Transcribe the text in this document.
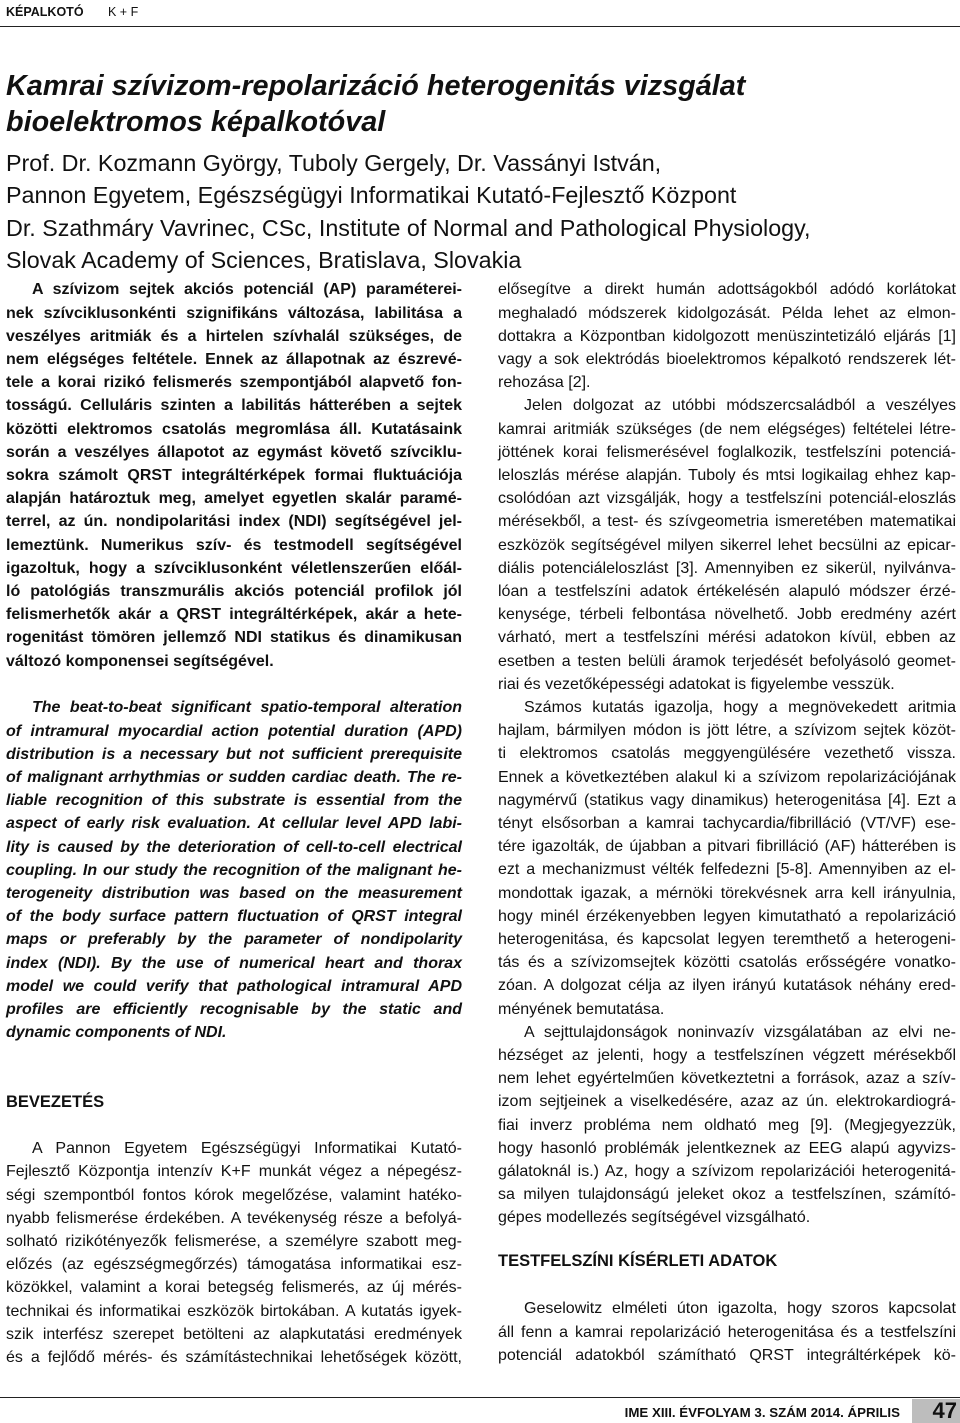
KÉPALKOTÓ K + F
Kamrai szívizom-repolarizáció heterogenitás vizsgálat
bioelektromos képalkotóval
Prof. Dr. Kozmann György, Tuboly Gergely, Dr. Vassányi István,
Pannon Egyetem, Egészségügyi Informatikai Kutató-Fejlesztő Központ
Dr. Szathmáry Vavrinec, CSc, Institute of Normal and Pathological Physiology,
Slovak Academy of Sciences, Bratislava, Slovakia
A szívizom sejtek akciós potenciál (AP) paraméterei-
nek szívciklusonkénti szignifikáns változása, labilitása a
veszélyes aritmiák és a hirtelen szívhalál szükséges, de
nem elégséges feltétele. Ennek az állapotnak az észrevé-
tele a korai rizikó felismerés szempontjából alapvető fon-
tosságú. Celluláris szinten a labilitás hátterében a sejtek
közötti elektromos csatolás megromlása áll. Kutatásaink
során a veszélyes állapotot az egymást követő szívciklu-
sokra számolt QRST integráltérképek formai fluktuációja
alapján határoztuk meg, amelyet egyetlen skalár paramé-
terrel, az ún. nondipolaritási index (NDI) segítségével jel-
lemeztünk. Numerikus szív- és testmodell segítségével
igazoltuk, hogy a szívciklusonként véletlenszerűen előál-
ló patológiás transzmurális akciós potenciál profilok jól
felismerhetők akár a QRST integráltérképek, akár a hete-
rogenitást tömören jellemző NDI statikus és dinamikusan
változó komponensei segítségével.
The beat-to-beat significant spatio-temporal alteration
of intramural myocardial action potential duration (APD)
distribution is a necessary but not sufficient prerequisite
of malignant arrhythmias or sudden cardiac death. The re-
liable recognition of this substrate is essential from the
aspect of early risk evaluation. At cellular level APD labi-
lity is caused by the deterioration of cell-to-cell electrical
coupling. In our study the recognition of the malignant he-
terogeneity distribution was based on the measurement
of the body surface pattern fluctuation of QRST integral
maps or preferably by the parameter of nondipolarity
index (NDI). By the use of numerical heart and thorax
model we could verify that pathological intramural APD
profiles are efficiently recognisable by the static and
dynamic components of NDI.
BEVEZETÉS
A Pannon Egyetem Egészségügyi Informatikai Kutató-
Fejlesztő Központja intenzív K+F munkát végez a népegész-
ségi szempontból fontos kórok megelőzése, valamint hatéko-
nyabb felismerése érdekében. A tevékenység része a befolyá-
solható rizikótényezők felismerése, a személyre szabott meg-
előzés (az egészségmegőrzés) támogatása informatikai esz-
közökkel, valamint a korai betegség felismerés, az új mérés-
technikai és informatikai eszközök birtokában. A kutatás igyek-
szik interfész szerepet betölteni az alapkutatási eredmények
és a fejlődő mérés- és számítástechnikai lehetőségek között,
elősegítve a direkt humán adottságokból adódó korlátokat
meghaladó módszerek kidolgozását. Példa lehet az elmon-
dottakra a Központban kidolgozott menüszintetizáló eljárás [1]
vagy a sok elektródás bioelektromos képalkotó rendszerek lét-
rehozása [2].
Jelen dolgozat az utóbbi módszercsaládból a veszélyes
kamrai aritmiák szükséges (de nem elégséges) feltételei létre-
jöttének korai felismerésével foglalkozik, testfelszíni potenciá-
leloszlás mérése alapján. Tuboly és mtsi logikailag ehhez kap-
csolódóan azt vizsgálják, hogy a testfelszíni potenciál-eloszlás
mérésekből, a test- és szívgeometria ismeretében matematikai
eszközök segítségével milyen sikerrel lehet becsülni az epicar-
diális potenciáleloszlást [3]. Amennyiben ez sikerül, nyilvánva-
lóan a testfelszíni adatok értékelésén alapuló módszer érzé-
kenysége, térbeli felbontása növelhető. Jobb eredmény azért
várható, mert a testfelszíni mérési adatokon kívül, ebben az
esetben a testen belüli áramok terjedését befolyásoló geomet-
riai és vezetőképességi adatokat is figyelembe vesszük.
Számos kutatás igazolja, hogy a megnövekedett aritmia
hajlam, bármilyen módon is jött létre, a szívizom sejtek közöt-
ti elektromos csatolás meggyengülésére vezethető vissza.
Ennek a következtében alakul ki a szívizom repolarizációjának
nagymérvű (statikus vagy dinamikus) heterogenitása [4]. Ezt a
tényt elsősorban a kamrai tachycardia/fibrilláció (VT/VF) ese-
tére igazolták, de újabban a pitvari fibrilláció (AF) hátterében is
ezt a mechanizmust vélték felfedezni [5-8]. Amennyiben az el-
mondottak igazak, a mérnöki törekvésnek arra kell irányulnia,
hogy minél érzékenyebben legyen kimutatható a repolarizáció
heterogenitása, és kapcsolat legyen teremthető a heterogeni-
tás és a szívizomsejtek közötti csatolás erősségére vonatko-
zóan. A dolgozat célja az ilyen irányú kutatások néhány ered-
ményének bemutatása.
A sejttulajdonságok noninvazív vizsgálatában az elvi ne-
hézséget az jelenti, hogy a testfelszínen végzett mérésekből
nem lehet egyértelműen következtetni a források, azaz a szív-
izom sejtjeinek a viselkedésére, azaz az ún. elektrokardiográ-
fiai inverz probléma nem oldható meg [9]. (Megjegyezzük,
hogy hasonló problémák jelentkeznek az EEG alapú agyvizs-
gálatoknál is.) Az, hogy a szívizom repolarizációi heterogenitá-
sa milyen tulajdonságú jeleket okoz a testfelszínen, számító-
gépes modellezés segítségével vizsgálható.
TESTFELSZÍNI KÍSÉRLETI ADATOK
Geselowitz elméleti úton igazolta, hogy szoros kapcsolat
áll fenn a kamrai repolarizáció heterogenitása és a testfelszíni
potenciál adatokból számítható QRST integráltérképek kö-
IME XIII. ÉVFOLYAM 3. SZÁM 2014. ÁPRILIS	47
